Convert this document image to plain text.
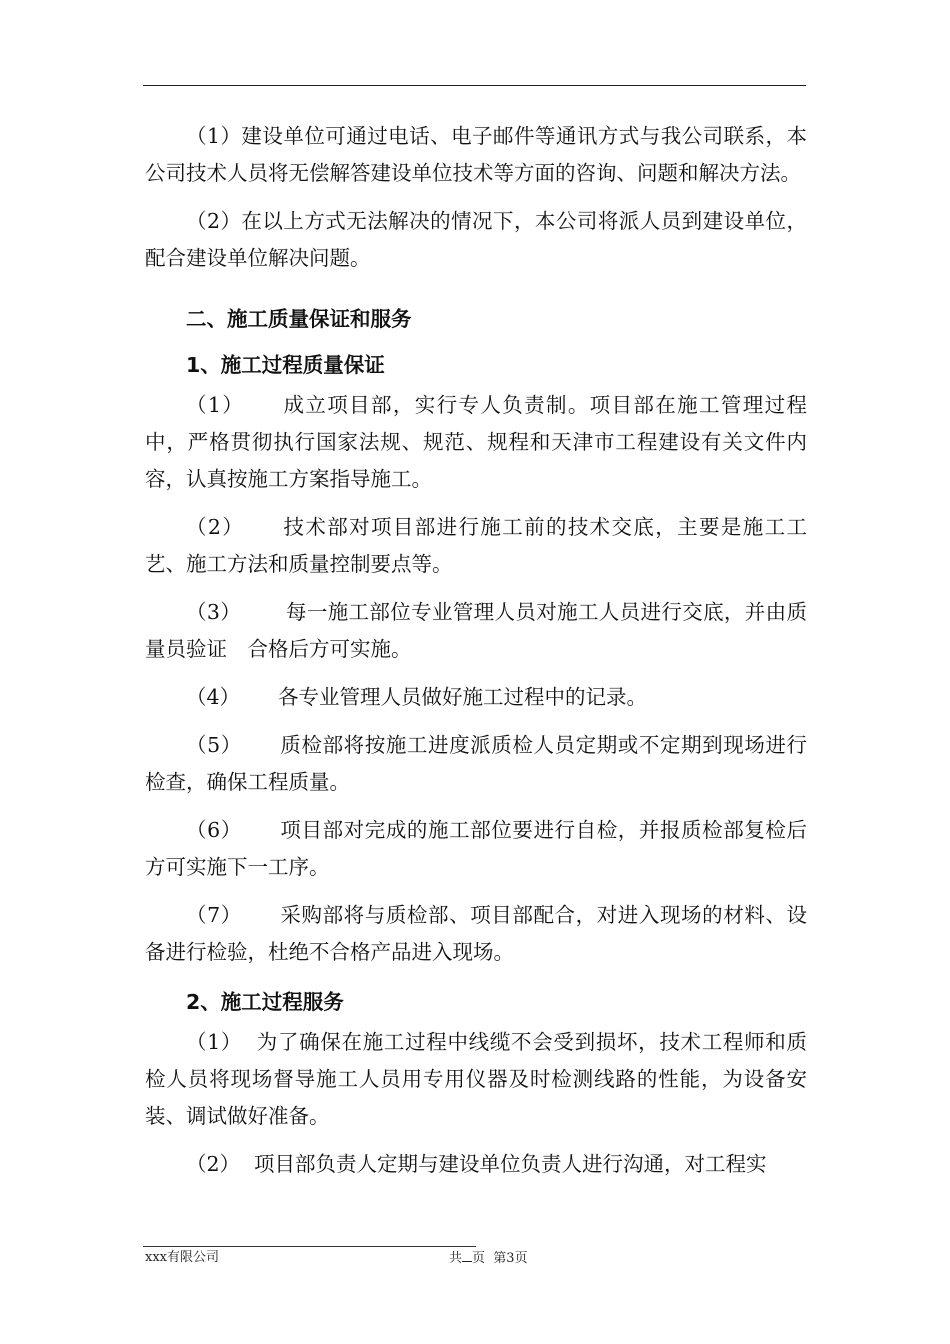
（1）建设单位可通过电话、电子邮件等通讯方式与我公司联系，本公司技术人员将无偿解答建设单位技术等方面的咨询、问题和解决方法。

（2）在以上方式无法解决的情况下，本公司将派人员到建设单位，配合建设单位解决问题。

二、施工质量保证和服务
1、施工过程质量保证

（1） 成立项目部，实行专人负责制。项目部在施工管理过程中，严格贯彻执行国家法规、规范、规程和天津市工程建设有关文件内容，认真按施工方案指导施工。

（2） 技术部对项目部进行施工前的技术交底，主要是施工工艺、施工方法和质量控制要点等。

（3） 每一施工部位专业管理人员对施工人员进行交底，并由质量员验证　合格后方可实施。

（4） 各专业管理人员做好施工过程中的记录。

（5） 质检部将按施工进度派质检人员定期或不定期到现场进行检查，确保工程质量。

（6） 项目部对完成的施工部位要进行自检，并报质检部复检后方可实施下一工序。

（7） 采购部将与质检部、项目部配合，对进入现场的材料、设备进行检验，杜绝不合格产品进入现场。

2、施工过程服务

（1） 为了确保在施工过程中线缆不会受到损坏，技术工程师和质检人员将现场督导施工人员用专用仪器及时检测线路的性能，为设备安装、调试做好准备。

（2） 项目部负责人定期与建设单位负责人进行沟通，对工程实

xxx有限公司	共 页 第3页
